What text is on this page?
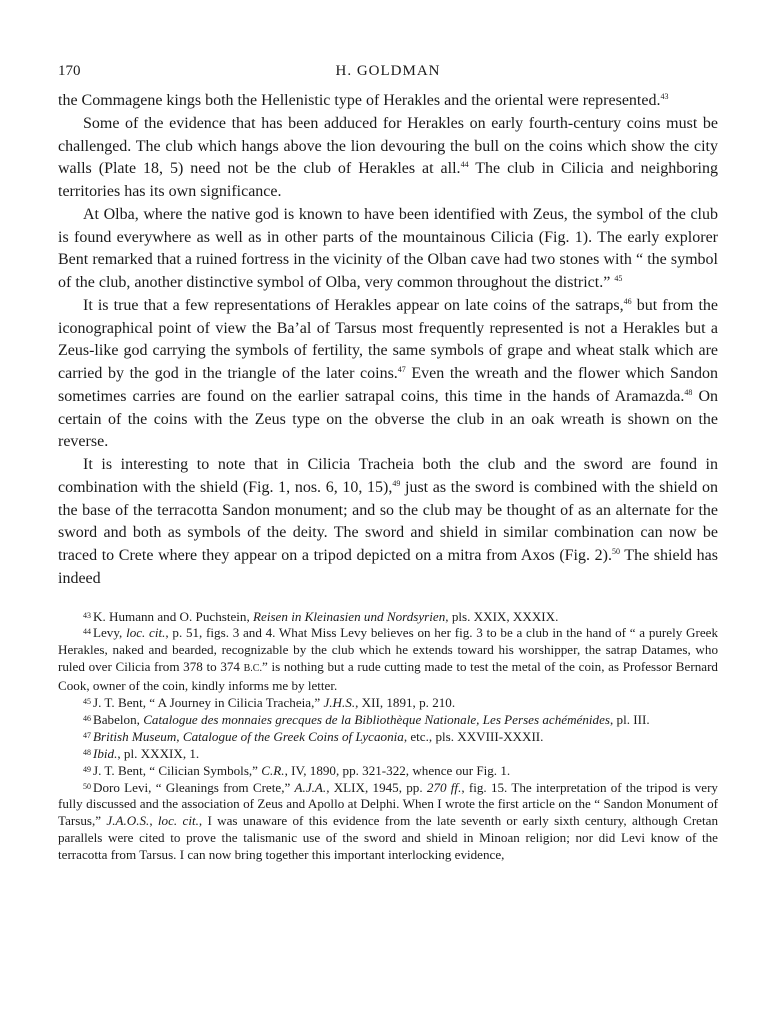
170	H. GOLDMAN

the Commagene kings both the Hellenistic type of Herakles and the oriental were represented.$^{43}$

Some of the evidence that has been adduced for Herakles on early fourth-century coins must be challenged. The club which hangs above the lion devouring the bull on the coins which show the city walls (Plate 18, 5) need not be the club of Herakles at all.$^{44}$ The club in Cilicia and neighboring territories has its own significance.

At Olba, where the native god is known to have been identified with Zeus, the symbol of the club is found everywhere as well as in other parts of the mountainous Cilicia (Fig. 1). The early explorer Bent remarked that a ruined fortress in the vicinity of the Olban cave had two stones with “ the symbol of the club, another distinctive symbol of Olba, very common throughout the district.” $^{45}$

It is true that a few representations of Herakles appear on late coins of the satraps,$^{46}$ but from the iconographical point of view the Ba’al of Tarsus most frequently represented is not a Herakles but a Zeus-like god carrying the symbols of fertility, the same symbols of grape and wheat stalk which are carried by the god in the triangle of the later coins.$^{47}$ Even the wreath and the flower which Sandon sometimes carries are found on the earlier satrapal coins, this time in the hands of Aramazda.$^{48}$ On certain of the coins with the Zeus type on the obverse the club in an oak wreath is shown on the reverse.

It is interesting to note that in Cilicia Tracheia both the club and the sword are found in combination with the shield (Fig. 1, nos. 6, 10, 15),$^{49}$ just as the sword is combined with the shield on the base of the terracotta Sandon monument; and so the club may be thought of as an alternate for the sword and both as symbols of the deity. The sword and shield in similar combination can now be traced to Crete where they appear on a tripod depicted on a mitra from Axos (Fig. 2).$^{50}$ The shield has indeed

$^{43}$ K. Humann and O. Puchstein, Reisen in Kleinasien und Nordsyrien, pls. XXIX, XXXIX.

$^{44}$ Levy, loc. cit., p. 51, figs. 3 and 4. What Miss Levy believes on her fig. 3 to be a club in the hand of “ a purely Greek Herakles, naked and bearded, recognizable by the club which he extends toward his worshipper, the satrap Datames, who ruled over Cilicia from 378 to 374 B.C.” is nothing but a rude cutting made to test the metal of the coin, as Professor Bernard Cook, owner of the coin, kindly informs me by letter.

$^{45}$ J. T. Bent, “ A Journey in Cilicia Tracheia,” J.H.S., XII, 1891, p. 210.

$^{46}$ Babelon, Catalogue des monnaies grecques de la Bibliothèque Nationale, Les Perses achéménides, pl. III.

$^{47}$ British Museum, Catalogue of the Greek Coins of Lycaonia, etc., pls. XXVIII-XXXII.

$^{48}$ Ibid., pl. XXXIX, 1.

$^{49}$ J. T. Bent, “ Cilician Symbols,” C.R., IV, 1890, pp. 321-322, whence our Fig. 1.

$^{50}$ Doro Levi, “ Gleanings from Crete,” A.J.A., XLIX, 1945, pp. 270 ff., fig. 15. The interpretation of the tripod is very fully discussed and the association of Zeus and Apollo at Delphi. When I wrote the first article on the “ Sandon Monument of Tarsus,” J.A.O.S., loc. cit., I was unaware of this evidence from the late seventh or early sixth century, although Cretan parallels were cited to prove the talismanic use of the sword and shield in Minoan religion; nor did Levi know of the terracotta from Tarsus. I can now bring together this important interlocking evidence,
